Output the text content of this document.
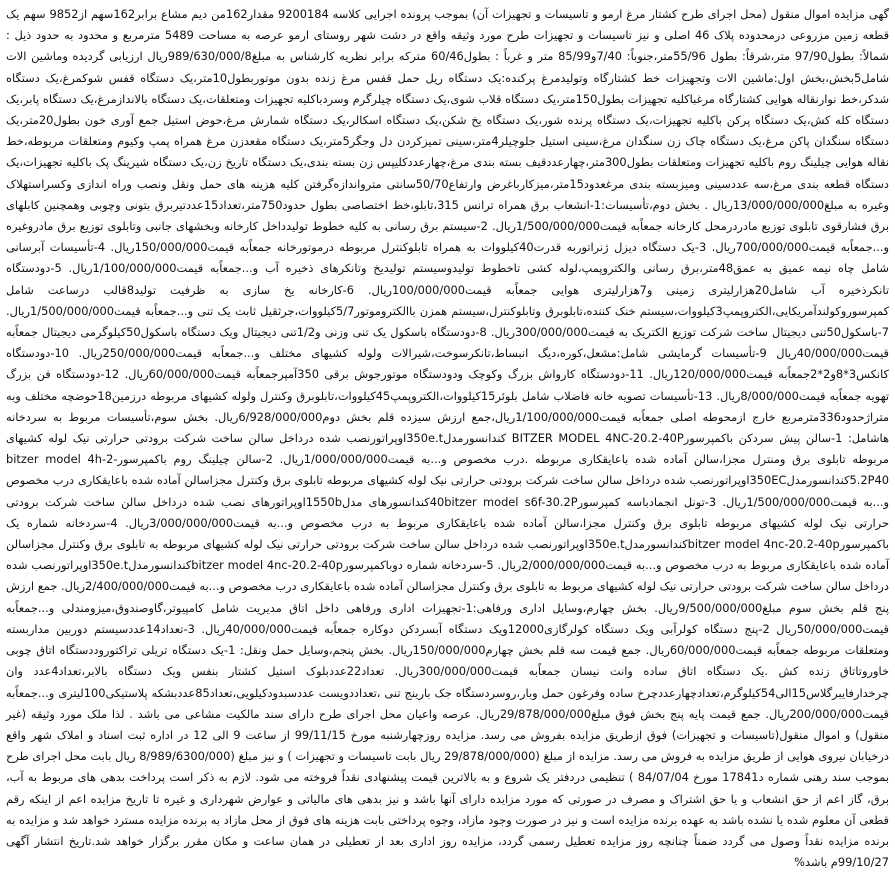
گهی مزایده اموال منقول (محل اجرای طرح کشتار مرغ ارمو و تاسیسات و تجهیزات آن) بموجب پرونده اجرایی کلاسه 9200184 مقدار162من دیم مشاع برابر162سهم از9852 سهم یک قطعه زمین مزروعی درمحدوده پلاک 46 اصلی و نیز تاسیسات و تجهیزات طرح مورد وثیقه واقع در دشت شهر روستای ارمو عرصه به مساحت 5489 مترمربع و محدود به حدود ذیل : شمالاً: بطول97/90 متر،شرقاً: بطول 55/96متر،جنوباً: 7/40و85/99 متر و غرباً : بطول60/46 متركه برابر نظریه كارشناس به مبلغ989/630/000/8ریال ارزیابی گردیده وماشین الات شامل5بخش،بخش اول:ماشین الات وتجهیزات خط کشتارگاه وتولیدمرغ پرکنده:یک دستگاه ریل حمل قفس مرغ زنده بدون موتوربطول10متر،یک دستگاه قفس شوکمرغ،یک دستگاه شدکر،خط نوارنقاله هوایی کشتارگاه مرغباکلیه تجهیزات بطول150متر،یک دستگاه قلاب شوی،یک دستگاه چیلرگرم وسردباکلیه تجهیزات ومتعلقات،یک دستگاه بالاندازمرغ،یک دستگاه پابر،یک دستگاه کله کش،یک دستگاه پرکن باکلیه تجهیزات،یک دستگاه پرنده شور،یک دستگاه یخ شکن،یک دستگاه اسکالر،یک دستگاه شمارش مرغ،حوض استیل جمع آوری خون بطول20متر،یک دستگاه سنگدان پاکن مرغ،یک دستگاه چاک زن سنگدان مرغ،سینی استیل جلوچیلر4متر،سینی تمیزکردن دل وجگر5متر،یک دستگاه مقعدزن مرغ همراه پمپ وکیوم ومتعلقات مربوطه،خط نقاله هوایی چیلینگ روم باکلیه تجهیزات ومتعلقات بطول300متر،چهارعددقیف بسته بندی مرغ،چهارعددکلیپس زن بسته بندی،یک دستگاه تاریخ زن،یک دستگاه شیرینگ پک باکلیه تجهیزات،یک دستگاه قطعه بندی مرغ،سه عددسینی ومیزبسته بندی مرغعدود15متر،میزکارباغرض وارتفاع50/70سانتی مترواندازه‌گرفتن کلیه هزینه های حمل ونقل ونصب وراه اندازی وکسراستهلاک وغیره به مبلغ13/000/000/000ریال . بخش دوم،تأسیسات:1-انشعاب برق همراه ترانس 315،تابلو،خط اختصاصی بطول حدود750متر،تعداد15عددتیربرق بتونی وچوبی وهمچنین کابلهای برق فشارقوی تابلوی توزیع مادردرمحل کارخانه جمعاًبه قیمت1/500/000/000ریال. 2-سیستم برق رسانی به کلیه خطوط تولیدداخل کارخانه وبخشهای جانبی وتابلوی توزیع برق مادروغیره و...جمعاًبه قیمت700/000/000ریال. 3-یک دستگاه دیزل ژنراتوربه قدرت40کیلووات به همراه تابلوکنترل مربوطه درموتورخانه جمعاًبه قیمت150/000/000ریال. 4-تأسیسات آبرسانی شامل چاه نیمه عمیق به عمق48متر،برق رسانی والکتروپمپ،لوله کشی تاخطوط تولیدوسیستم تولیدیخ وتانکرهای ذخیره آب و...جمعاًبه قیمت1/100/000/000ریال. 5-دودستگاه تانکرذخیره آب شامل20هزارلیتری زمینی و7هزارلیتری هوایی جمعاًبه قیمت100/000/000ریال. 6-کارخانه یخ سازی به ظرفیت تولید8قالب درساعت شامل کمپرسوروکولندآمریکایی،الکتروپمپ3کیلووات،سیستم خنک کننده،تابلوبرق وتابلوکنترل،سیستم همزن باالکتروموتور5/7کیلووات،جرثقیل ثابت یک تنی و...جمعاًبه قیمت1/500/000/000ریال. 7-باسکول50تنی دیجیتال ساخت شرکت توزیع الکتریک به قیمت300/000/000ریال. 8-دودستگاه باسکول یک تنی وزنی و1/2تنی دیجیتال ویک دستگاه باسکول50کیلوگرمی دیجیتال جمعاًبه قیمت40/000/000ریال 9-تأسیسات گرمایشی شامل:مشعل،کوره،دیگ انبساط،تانکرسوخت،شیرالات ولوله کشیهای مختلف و...جمعاًبه قیمت250/000/000ریال. 10-دودستگاه کانکس3*8و2*2جمعاًبه قیمت120/000/000ریال. 11-دودستگاه کارواش بزرگ وکوچک ودودستگاه موتورجوش برقی 350آمپرجمعاًبه قیمت60/000/000ریال. 12-دودستگاه فن بزرگ تهویه جمعاًبه قیمت8/000/000ریال. 13-تأسیسات تصویه خانه فاضلاب شامل بلوئر15کیلووات،الکتروپمپ45کیلووات،تابلوبرق وکنترل ولوله کشیهای مربوطه درزمین18حوضچه مختلف وبه متراژحدود336مترمربع خارج ازمحوطه اصلی جمعاًبه قیمت1/100/000/000ریال،جمع ارزش سیزده قلم بخش دوم6/928/000/000ریال. بخش سوم،تأسیسات مربوط به سردخانه هاشامل: 1-سالن پیش سردکن باکمپرسورBITZER MODEL 4NC-20.2-40P کندانسورمدل350e.tاوپراتورنصب شده درداخل سالن ساخت شرکت برودتی حرارتی نیک لوله کشیهای مربوطه تابلوی برق ومنترل مجزا،سالن آماده شده باعایقکاری مربوطه .درب مخصوص و...به قیمت1/000/000/000ریال. 2-سالن چیلینگ روم باکمپرسورbitzer model 4h-2-5.2P40کندانسورمدل350ECاوپراتورنصب شده درداخل سالن ساخت شرکت برودتی حرارتی نیک لوله کشیهای مربوطه تابلوی برق وکنترل مجزاسالن آماده شده باعایقکاری درب مخصوص و...به قیمت1/500/000/000ریال. 3-تونل انجمادباسه کمپرسور40bitzer model s6f-30.2Pکندانسورهای مدل1550bاوپراتورهای نصب شده درداخل سالن ساخت شرکت برودتی حرارتی نیک لوله کشیهای مربوطه تابلوی برق وکنترل مجزا،سالن آماده شده باعایقکاری مربوط به درب مخصوص و...به قیمت3/000/000/000ریال. 4-سردخانه شماره یک باکمپرسورbitzer model 4nc-20.2-40pکندانسورمدل350e.tاوپراتورنصب شده درداخل سالن ساخت شرکت برودتی حرارتی نیک لوله کشیهای مربوطه به تابلوی برق وکنترل مجزاسالن آماده شده باعایقکاری مربوط به درب مخصوص و...به قیمت2/000/000/000ریال. 5-سردخانه شماره دوباکمپرسورbitzer model 4nc-20.2-40pکندانسورمدل350e.tاوپراتورنصب شده درداخل سالن ساخت شرکت برودتی حرارتی نیک لوله کشیهای مربوط به تابلوی برق وکنترل مجزاسالن آماده شده باعایقکاری درب مخصوص و...به قیمت2/400/000/000ریال. جمع ارزش پنج قلم بخش سوم مبلغ9/500/000/000ریال. بخش چهارم،وسایل اداری ورفاهی:1-تجهیزات اداری ورفاهی داخل اتاق مدیریت شامل کامپیوتر،گاوصندوق،میزومندلی و...جمعاًبه قیمت50/000/000ریال 2-پنج دستگاه کولرآبی ویک دستگاه کولرگازی12000ویک دستگاه آبسردکن دوکاره جمعاًبه قیمت40/000/000ریال. 3-تعداد14عددسیستم دوربین مداربسته ومتعلقات مربوطه جمعاًبه قیمت60/000/000ریال. جمع قیمت سه قلم بخش چهارم150/000/000ریال. بخش پنجم،وسایل حمل ونقل: 1-یک دستگاه تریلی تراکتوروددستگاه اتاق چوبی خاوروتاتاق زنده کش .یک دستگاه اتاق ساده وانت نیسان جمعاًبه قیمت300/000/000ریال. تعداد22عددبلوک استیل کشتار بنفس ویک دستگاه بالابر،تعداد4عدد وان چرخدارفایبرگلاس15الی54کیلوگرم،تعدادچهارعددچرخ ساده وفرغون حمل وبار،روسردستگاه جک بارینج تنی ،تعداددویست عددسبدودکیلویی،تعداد85عددبشکه پلاستیکی100لیتری و...جمعاًبه قیمت200/000/000ریال. جمع قیمت پایه پنج بخش فوق مبلغ29/878/000/000ریال. عرصه واعیان محل اجرای طرح دارای سند مالکیت مشاعی می باشد . لذا ملک مورد وثیقه (غیر منقول) و اموال منقول(تاسیسات و تجهیزات) فوق ازطریق مزایده بفروش می رسد. مزایده روزچهارشنبه مورخ 99/11/15 از ساعت 9 الی 12 در اداره ثبت اسناد و املاک شهر واقع درخیابان نیروی هوایی از طریق مزایده به فروش می رسد. مزایده از مبلغ (29/878/000/000 ریال بابت تاسیسات و تجهیزات ) و نیز مبلغ (8/989/6300/000 ریال بابت محل اجرای طرح بموجب سند رهنی شماره د17841 مورخ 84/07/04 ) تنظیمی دردفتر یک شروع و به بالاترین قیمت پیشنهادی نقداً فروخته می شود. لازم به ذکر است پرداخت بدهی های مربوط به آب، برق، گاز اعم از حق انشعاب و یا حق اشتراک و مصرف در صورتی که مورد مزایده دارای آنها باشد و نیز بدهی های مالیاتی و عوارض شهرداری و غیره تا تاریخ مزایده اعم از اینکه رقم قطعی آن معلوم شده یا نشده باشد به عهده برنده مزایده است و نیز در صورت وجود مازاد، وجوه پرداختی بابت هزینه های فوق از محل مازاد به برنده مزایده مسترد خواهد شد و مزایده به برنده مزایده نقداً وصول می گردد ضمناً چنانچه روز مزایده تعطیل رسمی گردد، مزایده روز اداری بعد از تعطیلی در همان ساعت و مکان مقرر برگزار خواهد شد.تاریخ انتشار آگهی 99/10/27م باشد%
